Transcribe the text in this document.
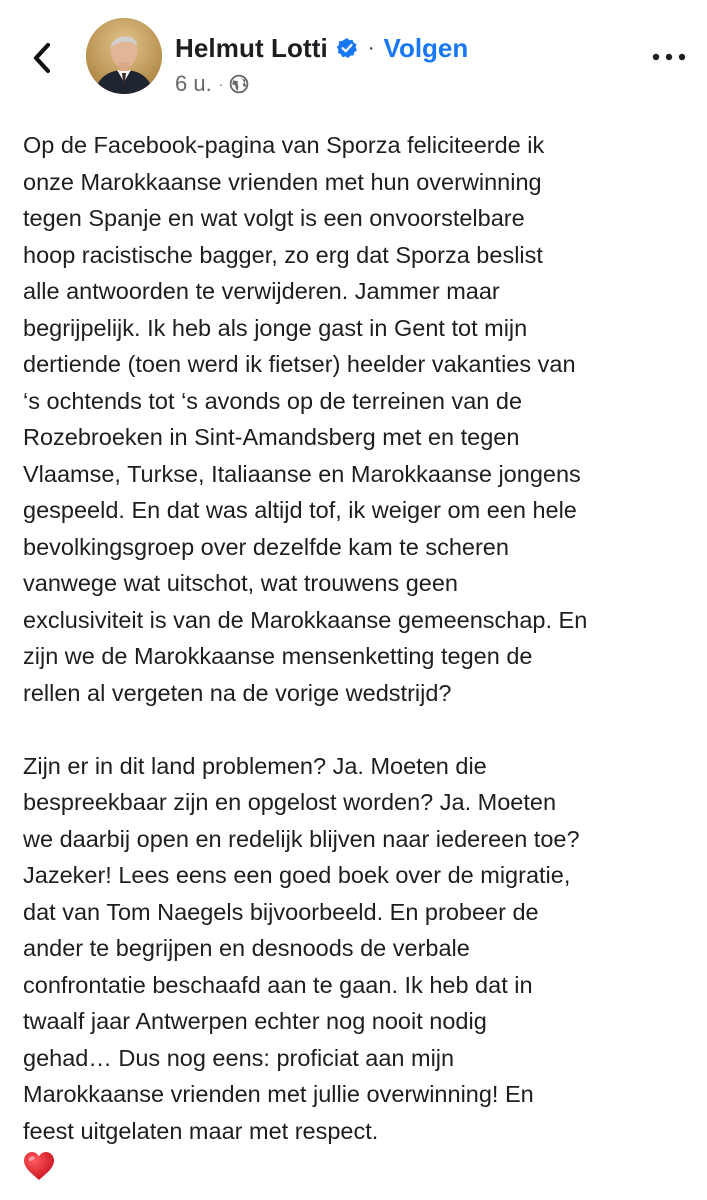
Helmut Lotti · Volgen
6 u. ·

Op de Facebook-pagina van Sporza feliciteerde ik
onze Marokkaanse vrienden met hun overwinning
tegen Spanje en wat volgt is een onvoorstelbare
hoop racistische bagger, zo erg dat Sporza beslist
alle antwoorden te verwijderen. Jammer maar
begrijpelijk. Ik heb als jonge gast in Gent tot mijn
dertiende (toen werd ik fietser) heelder vakanties van
‘s ochtends tot ‘s avonds op de terreinen van de
Rozebroeken in Sint-Amandsberg met en tegen
Vlaamse, Turkse, Italiaanse en Marokkaanse jongens
gespeeld. En dat was altijd tof, ik weiger om een hele
bevolkingsgroep over dezelfde kam te scheren
vanwege wat uitschot, wat trouwens geen
exclusiviteit is van de Marokkaanse gemeenschap. En
zijn we de Marokkaanse mensenketting tegen de
rellen al vergeten na de vorige wedstrijd?

Zijn er in dit land problemen? Ja. Moeten die
bespreekbaar zijn en opgelost worden? Ja. Moeten
we daarbij open en redelijk blijven naar iedereen toe?
Jazeker! Lees eens een goed boek over de migratie,
dat van Tom Naegels bijvoorbeeld. En probeer de
ander te begrijpen en desnoods de verbale
confrontatie beschaafd aan te gaan. Ik heb dat in
twaalf jaar Antwerpen echter nog nooit nodig
gehad… Dus nog eens: proficiat aan mijn
Marokkaanse vrienden met jullie overwinning! En
feest uitgelaten maar met respect.
